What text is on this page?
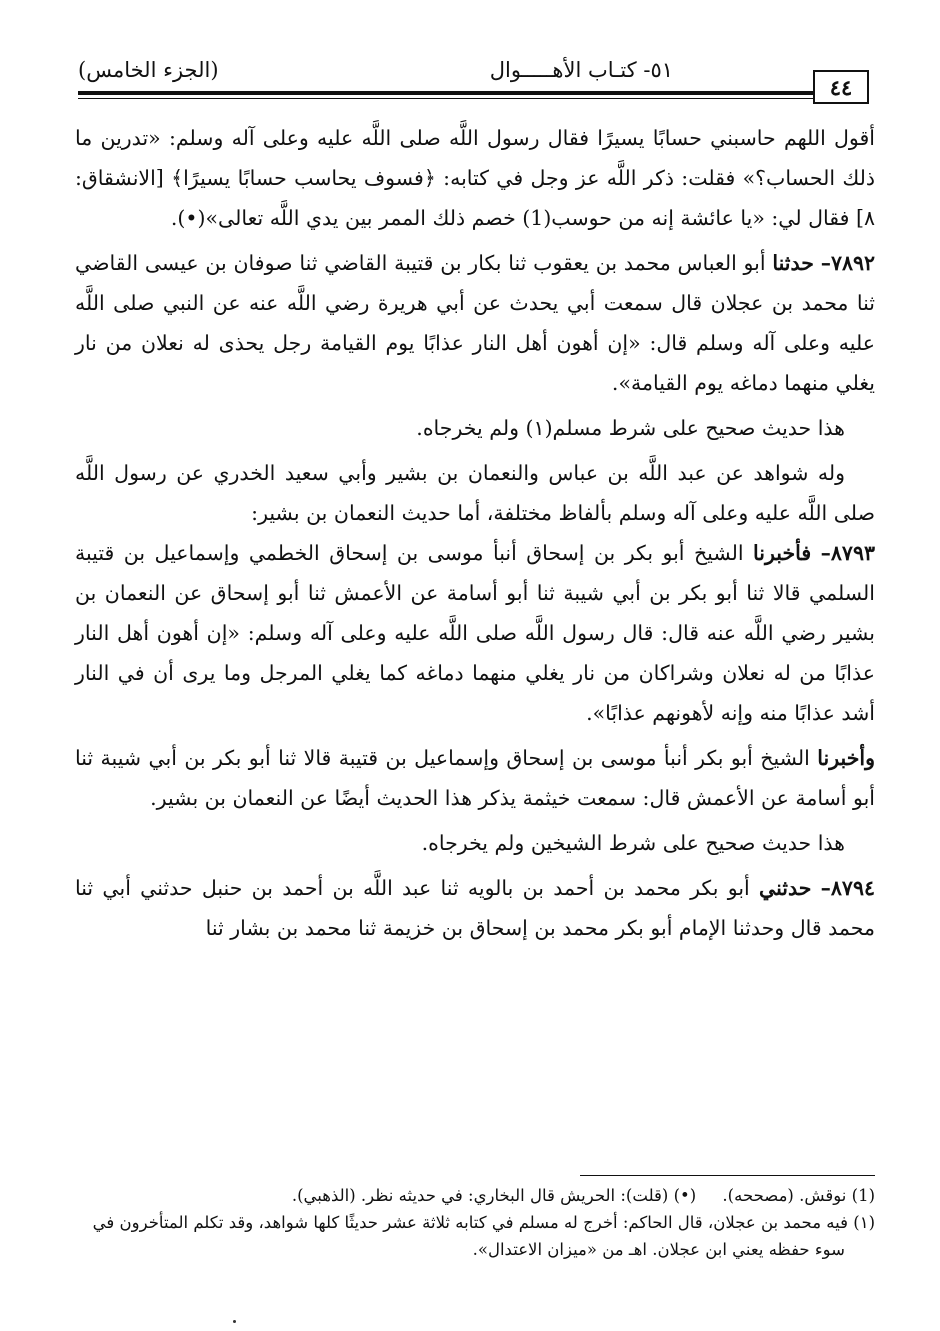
٥١- كتـاب الأهـــــوال
(الجزء الخامس)
٤٤

أقول اللهم حاسبني حسابًا يسيرًا فقال رسول اللَّه صلى اللَّه عليه وعلى آله وسلم: «تدرين ما ذلك الحساب؟» فقلت: ذكر اللَّه عز وجل في كتابه: ﴿فسوف يحاسب حسابًا يسيرًا﴾ [الانشقاق: ٨] فقال لي: «يا عائشة إنه من حوسب(1) خصم ذلك الممر بين يدي اللَّه تعالى»(•).

٧٨٩٢– حدثنا أبو العباس محمد بن يعقوب ثنا بكار بن قتيبة القاضي ثنا صوفان بن عيسى القاضي ثنا محمد بن عجلان قال سمعت أبي يحدث عن أبي هريرة رضي اللَّه عنه عن النبي صلى اللَّه عليه وعلى آله وسلم قال: «إن أهون أهل النار عذابًا يوم القيامة رجل يحذى له نعلان من نار يغلي منهما دماغه يوم القيامة».

هذا حديث صحيح على شرط مسلم(١) ولم يخرجاه.

وله شواهد عن عبد اللَّه بن عباس والنعمان بن بشير وأبي سعيد الخدري عن رسول اللَّه صلى اللَّه عليه وعلى آله وسلم بألفاظ مختلفة، أما حديث النعمان بن بشير:

٨٧٩٣– فأخبرنا الشيخ أبو بكر بن إسحاق أنبأ موسى بن إسحاق الخطمي وإسماعيل بن قتيبة السلمي قالا ثنا أبو بكر بن أبي شيبة ثنا أبو أسامة عن الأعمش ثنا أبو إسحاق عن النعمان بن بشير رضي اللَّه عنه قال: قال رسول اللَّه صلى اللَّه عليه وعلى آله وسلم: «إن أهون أهل النار عذابًا من له نعلان وشراكان من نار يغلي منهما دماغه كما يغلي المرجل وما يرى أن في النار أشد عذابًا منه وإنه لأهونهم عذابًا».

وأخبرنا الشيخ أبو بكر أنبأ موسى بن إسحاق وإسماعيل بن قتيبة قالا ثنا أبو بكر بن أبي شيبة ثنا أبو أسامة عن الأعمش قال: سمعت خيثمة يذكر هذا الحديث أيضًا عن النعمان بن بشير.

هذا حديث صحيح على شرط الشيخين ولم يخرجاه.

٨٧٩٤– حدثني أبو بكر محمد بن أحمد بن بالويه ثنا عبد اللَّه بن أحمد بن حنبل حدثني أبي ثنا محمد قال وحدثنا الإمام أبو بكر محمد بن إسحاق بن خزيمة ثنا محمد بن بشار ثنا

(1) نوقش. (مصححه).     (•) (قلت): الحريش قال البخاري: في حديثه نظر. (الذهبي).

(١) فيه محمد بن عجلان، قال الحاكم: أخرج له مسلم في كتابه ثلاثة عشر حديثًا كلها شواهد، وقد تكلم المتأخرون في سوء حفظه يعني ابن عجلان. اهـ من «ميزان الاعتدال».
